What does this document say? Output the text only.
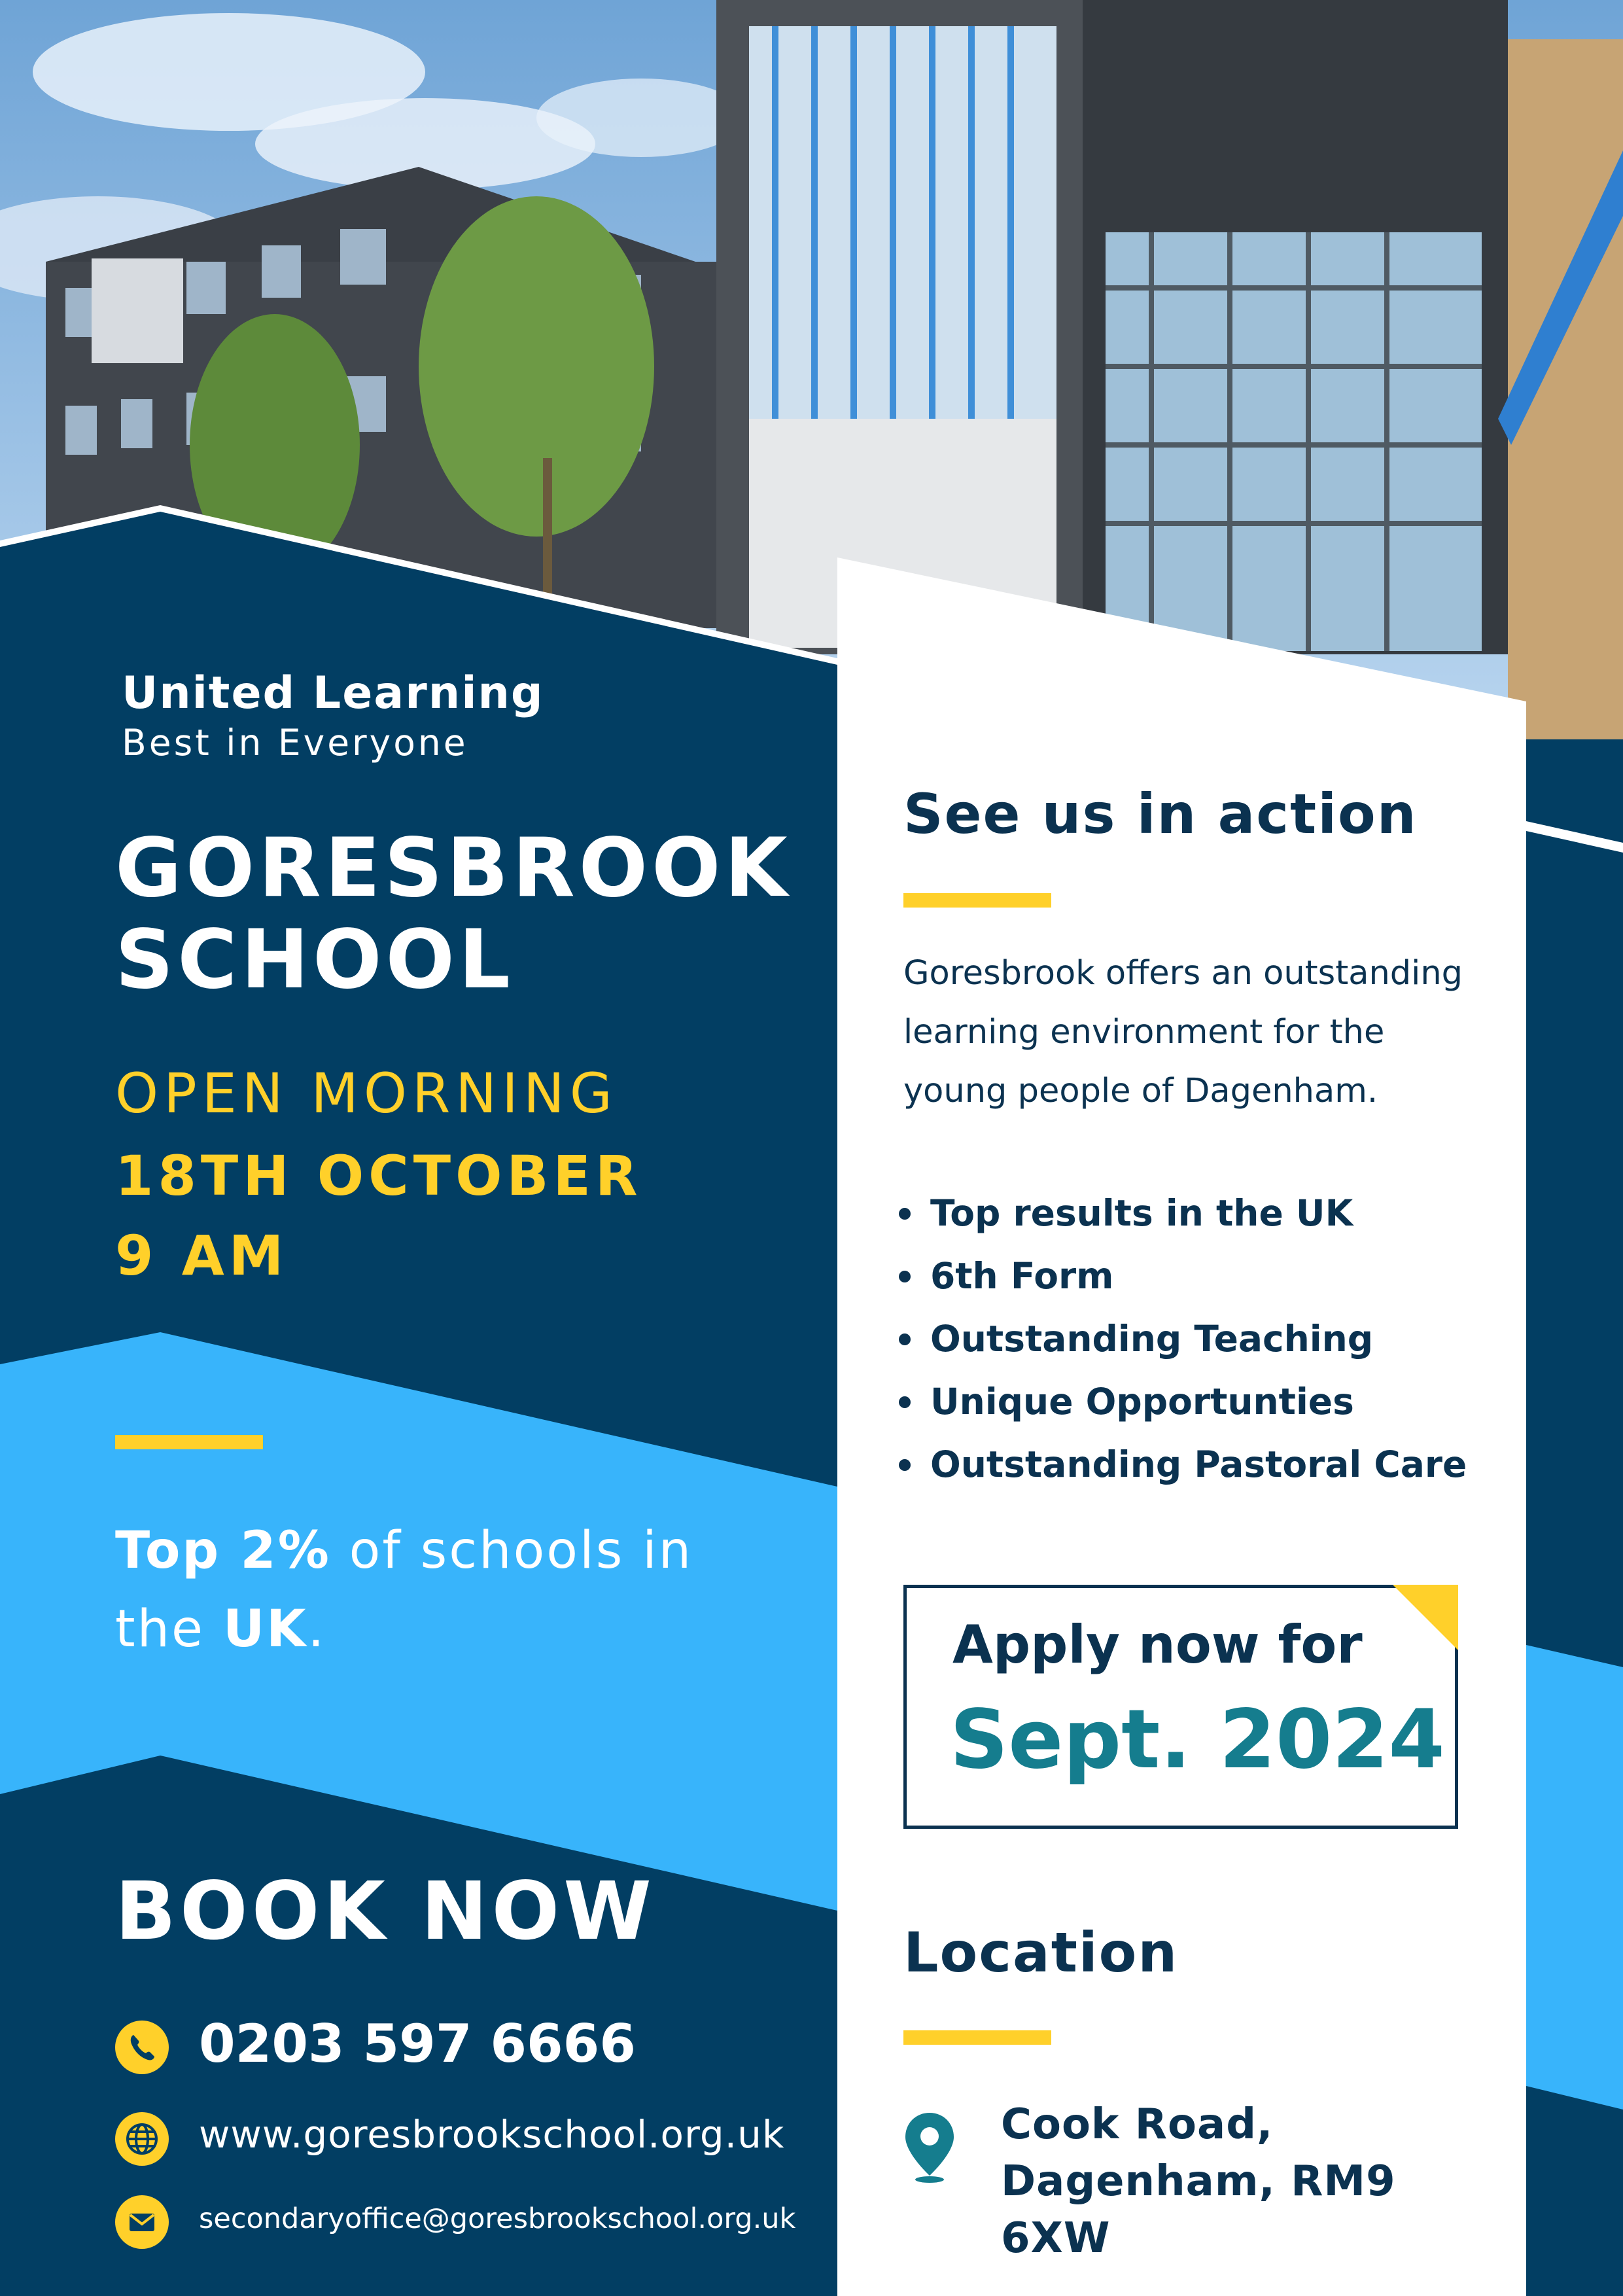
United Learning

Best in Everyone

GORESBROOK

SCHOOL

OPEN MORNING

18TH OCTOBER

9 AM

Top 2% of schools in

the UK.

BOOK NOW

0203 597 6666

www.goresbrookschool.org.uk

secondaryoffice@goresbrookschool.org.uk

See us in action

Goresbrook offers an outstanding

learning environment for the

young people of Dagenham.

Top results in the UK
6th Form
Outstanding Teaching
Unique Opportunties
Outstanding Pastoral Care

Apply now for

Sept. 2024

Location

Cook Road,

Dagenham, RM9

6XW
